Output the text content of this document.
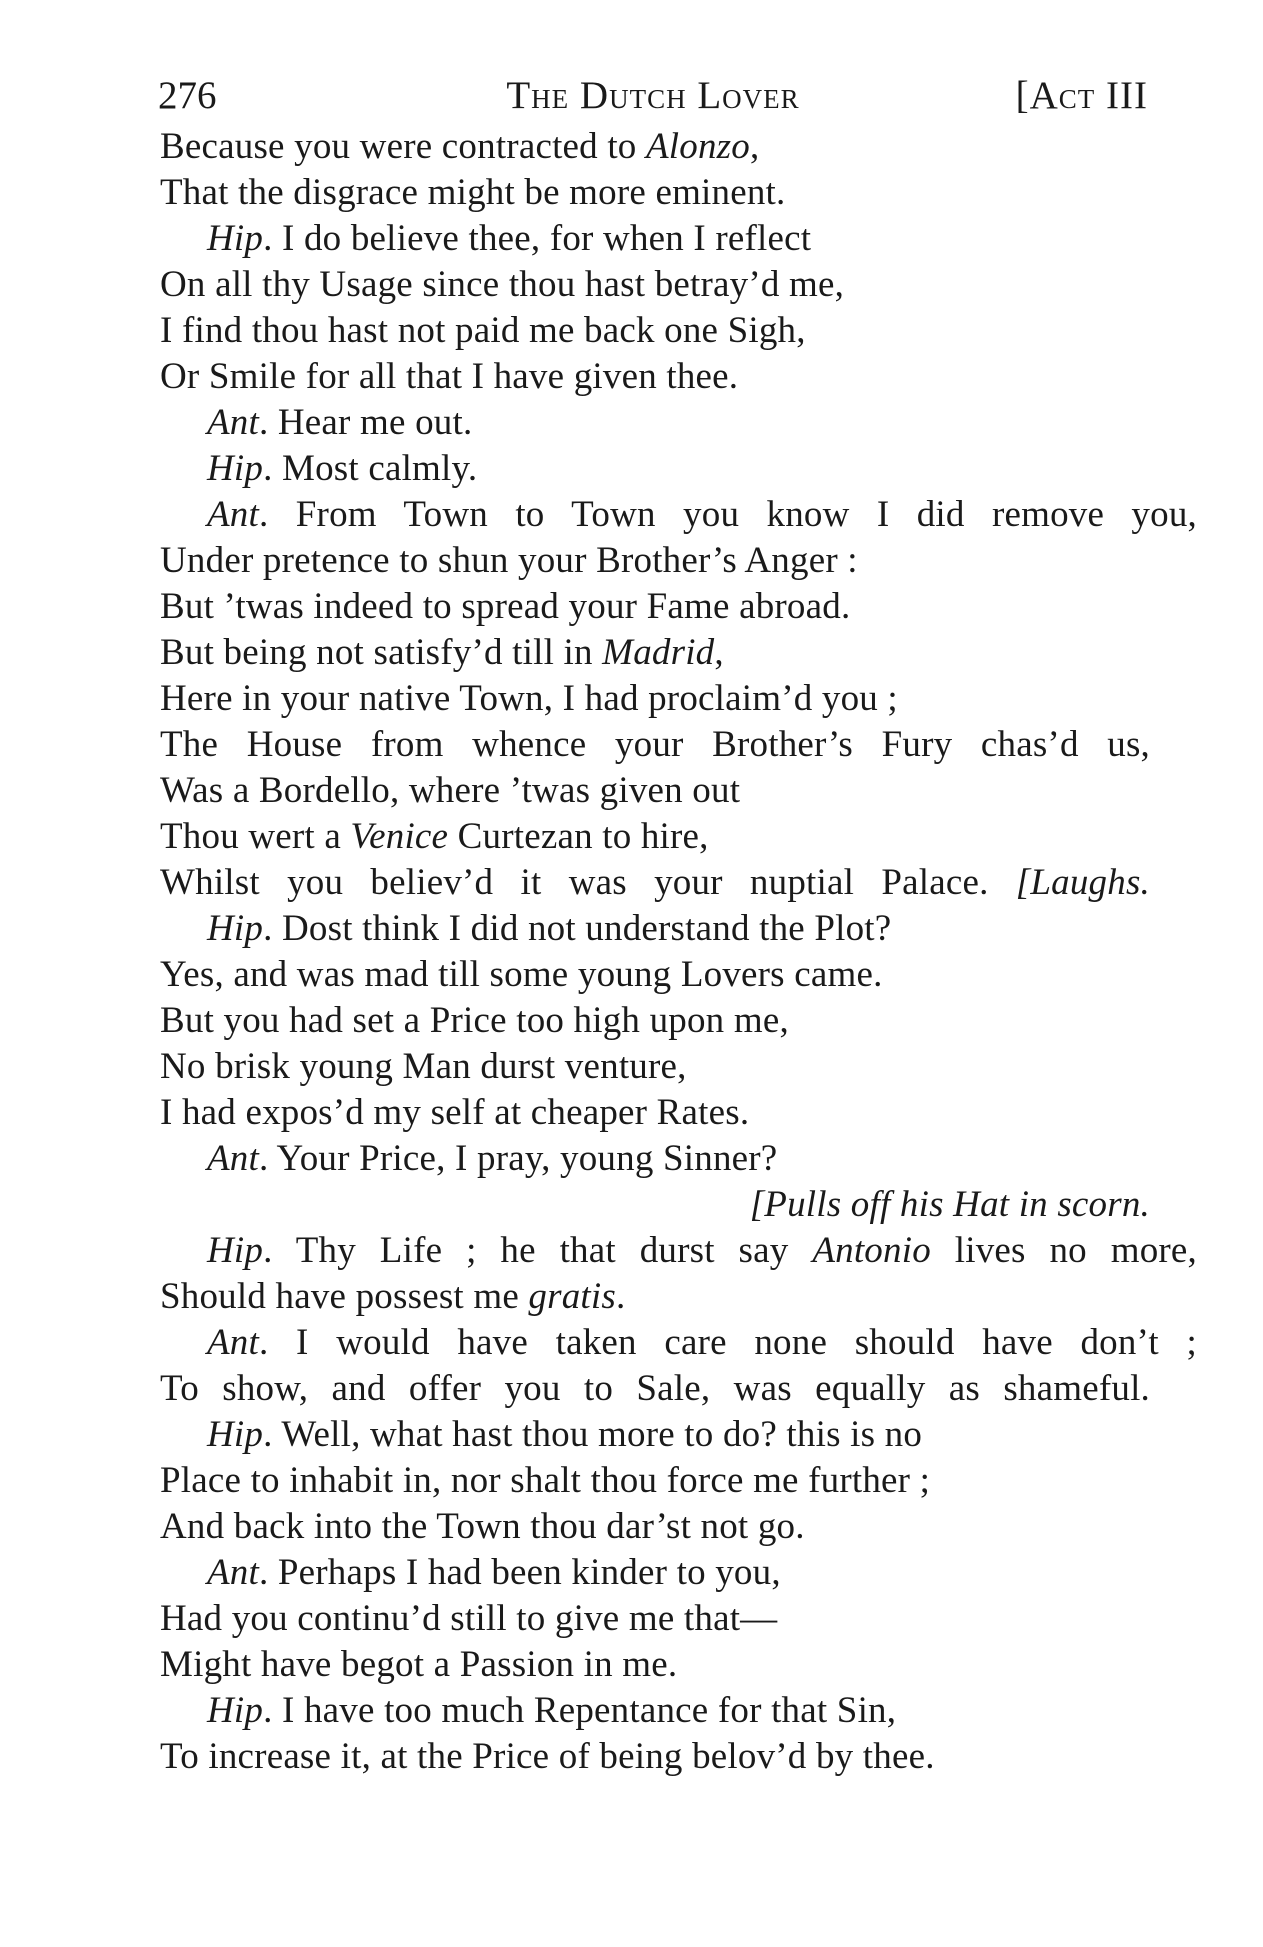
276	The Dutch Lover	[Act III
Because you were contracted to Alonzo,
That the disgrace might be more eminent.
Hip. I do believe thee, for when I reflect
On all thy Usage since thou hast betray’d me,
I find thou hast not paid me back one Sigh,
Or Smile for all that I have given thee.
Ant. Hear me out.
Hip. Most calmly.
Ant. From Town to Town you know I did remove you,
Under pretence to shun your Brother’s Anger :
But ’twas indeed to spread your Fame abroad.
But being not satisfy’d till in Madrid,
Here in your native Town, I had proclaim’d you ;
The House from whence your Brother’s Fury chas’d us,
Was a Bordello, where ’twas given out
Thou wert a Venice Curtezan to hire,
Whilst you believ’d it was your nuptial Palace. [Laughs.
Hip. Dost think I did not understand the Plot?
Yes, and was mad till some young Lovers came.
But you had set a Price too high upon me,
No brisk young Man durst venture,
I had expos’d my self at cheaper Rates.
Ant. Your Price, I pray, young Sinner?
[Pulls off his Hat in scorn.
Hip. Thy Life ; he that durst say Antonio lives no more,
Should have possest me gratis.
Ant. I would have taken care none should have don’t ;
To show, and offer you to Sale, was equally as shameful.
Hip. Well, what hast thou more to do? this is no
Place to inhabit in, nor shalt thou force me further ;
And back into the Town thou dar’st not go.
Ant. Perhaps I had been kinder to you,
Had you continu’d still to give me that—
Might have begot a Passion in me.
Hip. I have too much Repentance for that Sin,
To increase it, at the Price of being belov’d by thee.
